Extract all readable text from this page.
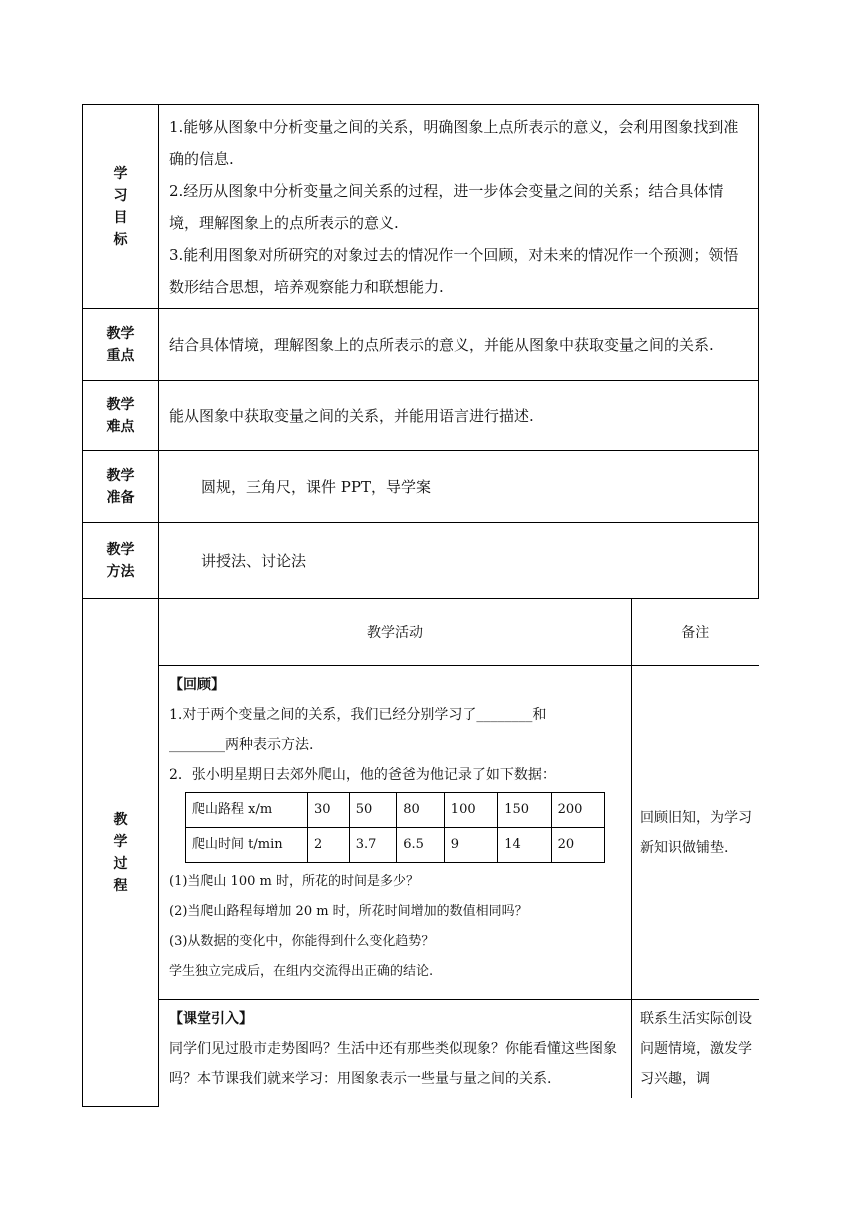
学
习
目
标

1.能够从图象中分析变量之间的关系，明确图象上点所表示的意义，会利用图象找到准确的信息.

2.经历从图象中分析变量之间关系的过程，进一步体会变量之间的关系；结合具体情境，理解图象上的点所表示的意义.

3.能利用图象对所研究的对象过去的情况作一个回顾，对未来的情况作一个预测；领悟数形结合思想，培养观察能力和联想能力.

教学
重点

结合具体情境，理解图象上的点所表示的意义，并能从图象中获取变量之间的关系.

教学
难点

能从图象中获取变量之间的关系，并能用语言进行描述.

教学
准备

圆规，三角尺，课件 PPT，导学案

教学
方法

讲授法、讨论法

教
学
过
程

教学活动	备注

【回顾】

1.对于两个变量之间的关系，我们已经分别学习了________和

________两种表示方法.

2．张小明星期日去郊外爬山，他的爸爸为他记录了如下数据：

爬山路程 x/m	30	50	80	100	150	200
爬山时间 t/min	2	3.7	6.5	9	14	20

(1)当爬山 100 m 时，所花的时间是多少？

(2)当爬山路程每增加 20 m 时，所花时间增加的数值相同吗？

(3)从数据的变化中，你能得到什么变化趋势？

学生独立完成后，在组内交流得出正确的结论.

	回顾旧知，为学习新知识做铺垫.

【课堂引入】

同学们见过股市走势图吗？生活中还有那些类似现象？你能看懂这些图象吗？本节课我们就来学习：用图象表示一些量与量之间的关系.

	联系生活实际创设问题情境，激发学习兴趣，调
